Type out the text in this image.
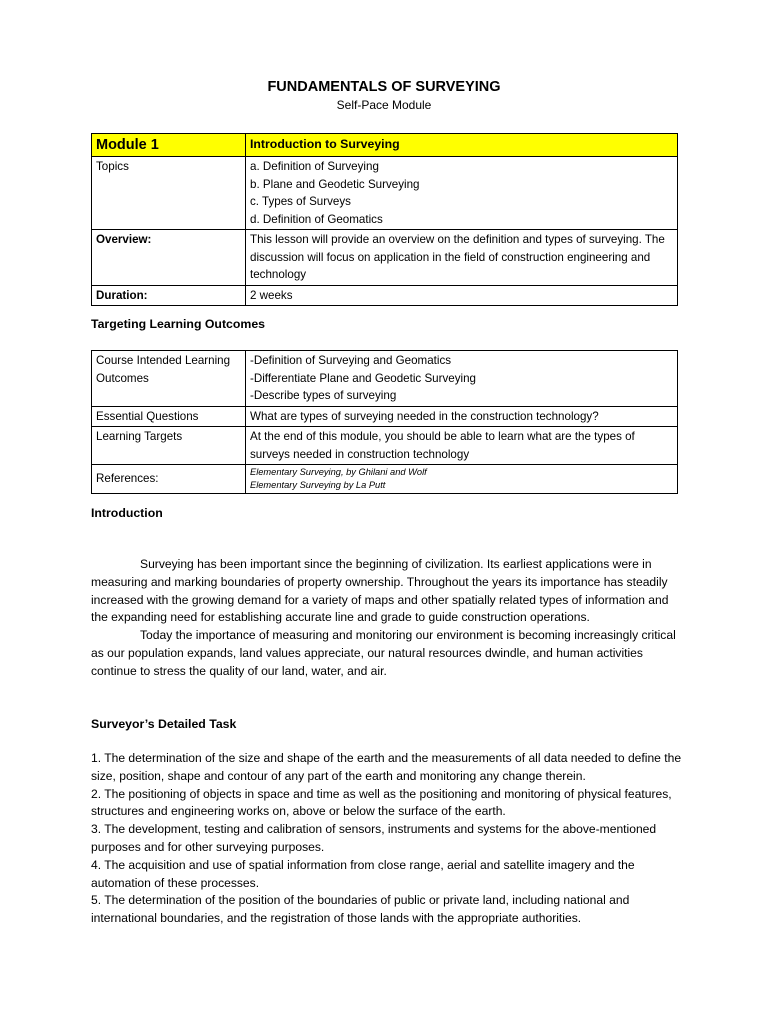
FUNDAMENTALS OF SURVEYING
Self-Pace Module
Module 1	Introduction to Surveying
Topics	a. Definition of Surveying
b. Plane and Geodetic Surveying
c. Types of Surveys
d. Definition of Geomatics

Overview:	This lesson will provide an overview on the definition and types of surveying. The discussion will focus on application in the field of construction engineering and technology
Duration:	2 weeks
Targeting Learning Outcomes
Course Intended Learning Outcomes	-Definition of Surveying and Geomatics
-Differentiate Plane and Geodetic Surveying
-Describe types of surveying

Essential Questions	What are types of surveying needed in the construction technology?
Learning Targets	At the end of this module, you should be able to learn what are the types of surveys needed in construction technology
References:	Elementary Surveying, by Ghilani and Wolf
Elementary Surveying by La Putt
Introduction

Surveying has been important since the beginning of civilization. Its earliest applications were in measuring and marking boundaries of property ownership. Throughout the years its importance has steadily increased with the growing demand for a variety of maps and other spatially related types of information and the expanding need for establishing accurate line and grade to guide construction operations.

Today the importance of measuring and monitoring our environment is becoming increasingly critical as our population expands, land values appreciate, our natural resources dwindle, and human activities continue to stress the quality of our land, water, and air.

Surveyor’s Detailed Task
1. The determination of the size and shape of the earth and the measurements of all data needed to define the size, position, shape and contour of any part of the earth and monitoring any change therein.
2. The positioning of objects in space and time as well as the positioning and monitoring of physical features, structures and engineering works on, above or below the surface of the earth.
3. The development, testing and calibration of sensors, instruments and systems for the above-mentioned purposes and for other surveying purposes.
4. The acquisition and use of spatial information from close range, aerial and satellite imagery and the automation of these processes.
5. The determination of the position of the boundaries of public or private land, including national and international boundaries, and the registration of those lands with the appropriate authorities.
